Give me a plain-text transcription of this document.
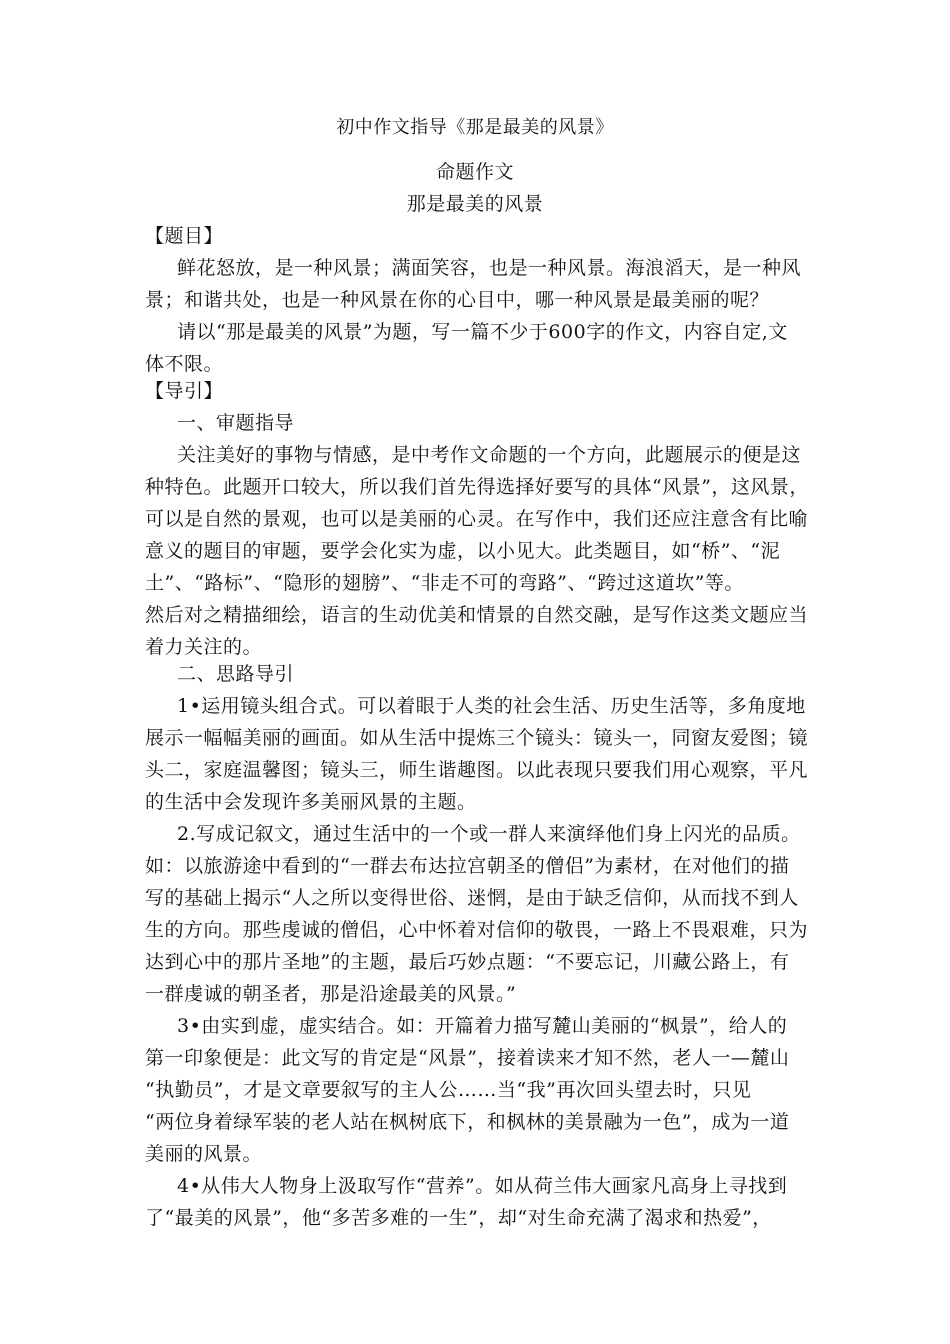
初中作文指导《那是最美的风景》
命题作文
那是最美的风景
【题目】
鲜花怒放，是一种风景；满面笑容，也是一种风景。海浪滔天，是一种风
景；和谐共处，也是一种风景在你的心目中，哪一种风景是最美丽的呢？
请以“那是最美的风景”为题，写一篇不少于600字的作文，内容自定,文
体不限。
【导引】
一、审题指导
关注美好的事物与情感，是中考作文命题的一个方向，此题展示的便是这
种特色。此题开口较大，所以我们首先得选择好要写的具体“风景”，这风景，
可以是自然的景观，也可以是美丽的心灵。在写作中，我们还应注意含有比喻
意义的题目的审题，要学会化实为虚，以小见大。此类题目，如“桥”、“泥
土”、“路标”、“隐形的翅膀”、“非走不可的弯路”、“跨过这道坎”等。
然后对之精描细绘，语言的生动优美和情景的自然交融，是写作这类文题应当
着力关注的。
二、思路导引
1•运用镜头组合式。可以着眼于人类的社会生活、历史生活等，多角度地
展示一幅幅美丽的画面。如从生活中提炼三个镜头：镜头一，同窗友爱图；镜
头二，家庭温馨图；镜头三，师生谐趣图。以此表现只要我们用心观察，平凡
的生活中会发现许多美丽风景的主题。
2.写成记叙文，通过生活中的一个或一群人来演绎他们身上闪光的品质。
如：以旅游途中看到的“一群去布达拉宫朝圣的僧侣”为素材，在对他们的描
写的基础上揭示“人之所以变得世俗、迷惘，是由于缺乏信仰，从而找不到人
生的方向。那些虔诚的僧侣，心中怀着对信仰的敬畏，一路上不畏艰难，只为
达到心中的那片圣地”的主题，最后巧妙点题：“不要忘记，川藏公路上，有
一群虔诚的朝圣者，那是沿途最美的风景。”
3•由实到虚，虚实结合。如：开篇着力描写麓山美丽的“枫景”，给人的
第一印象便是：此文写的肯定是“风景”，接着读来才知不然，老人一—麓山
“执勤员”，才是文章要叙写的主人公……当“我”再次回头望去时，只见
“两位身着绿军装的老人站在枫树底下，和枫林的美景融为一色”，成为一道
美丽的风景。
4•从伟大人物身上汲取写作“营养”。如从荷兰伟大画家凡高身上寻找到
了“最美的风景”，他“多苦多难的一生”，却“对生命充满了渴求和热爱”，
